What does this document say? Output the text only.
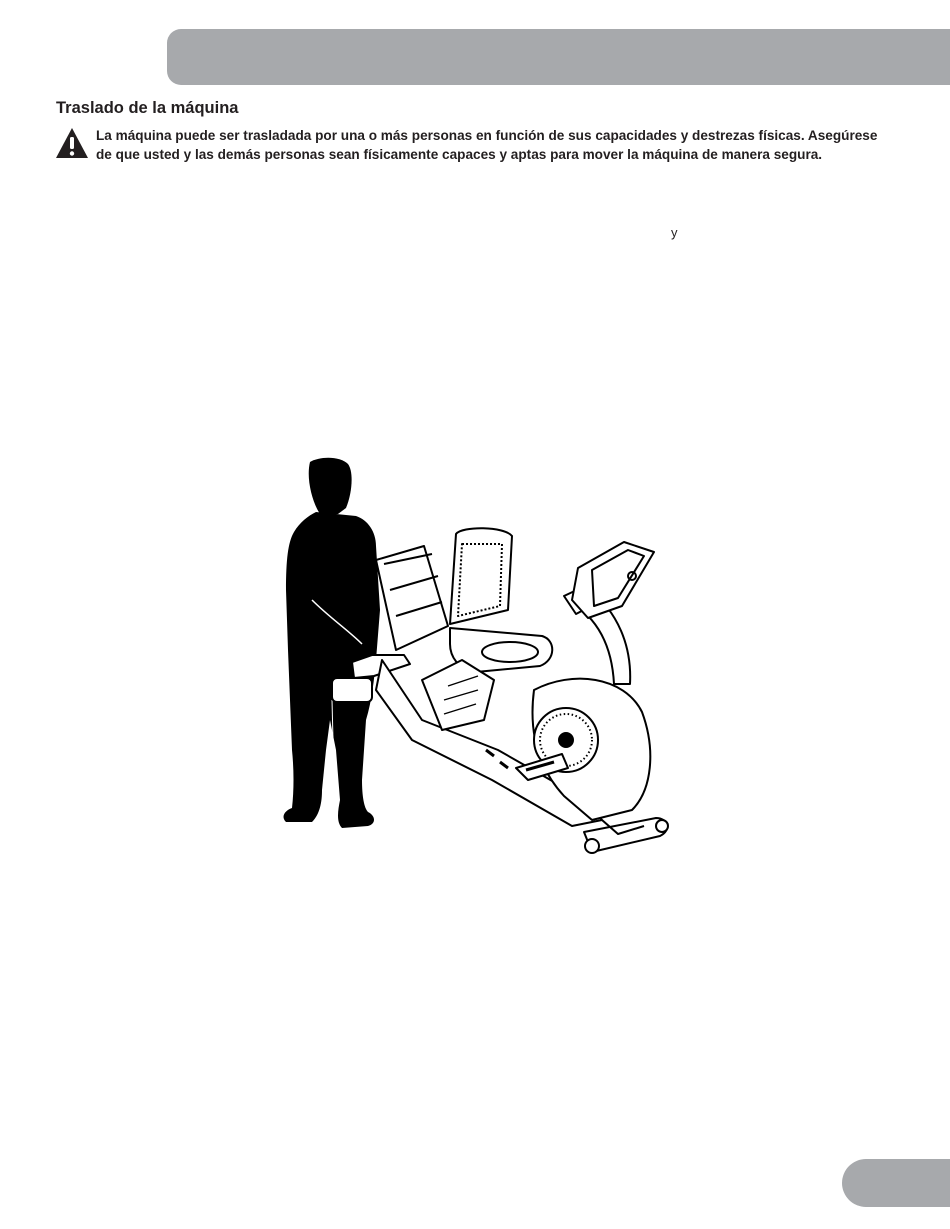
Traslado de la máquina

La máquina puede ser trasladada por una o más personas en función de sus capacidades y destrezas físicas. Asegúrese de que usted y las demás personas sean físicamente capaces y aptas para mover la máquina de manera segura.

y
